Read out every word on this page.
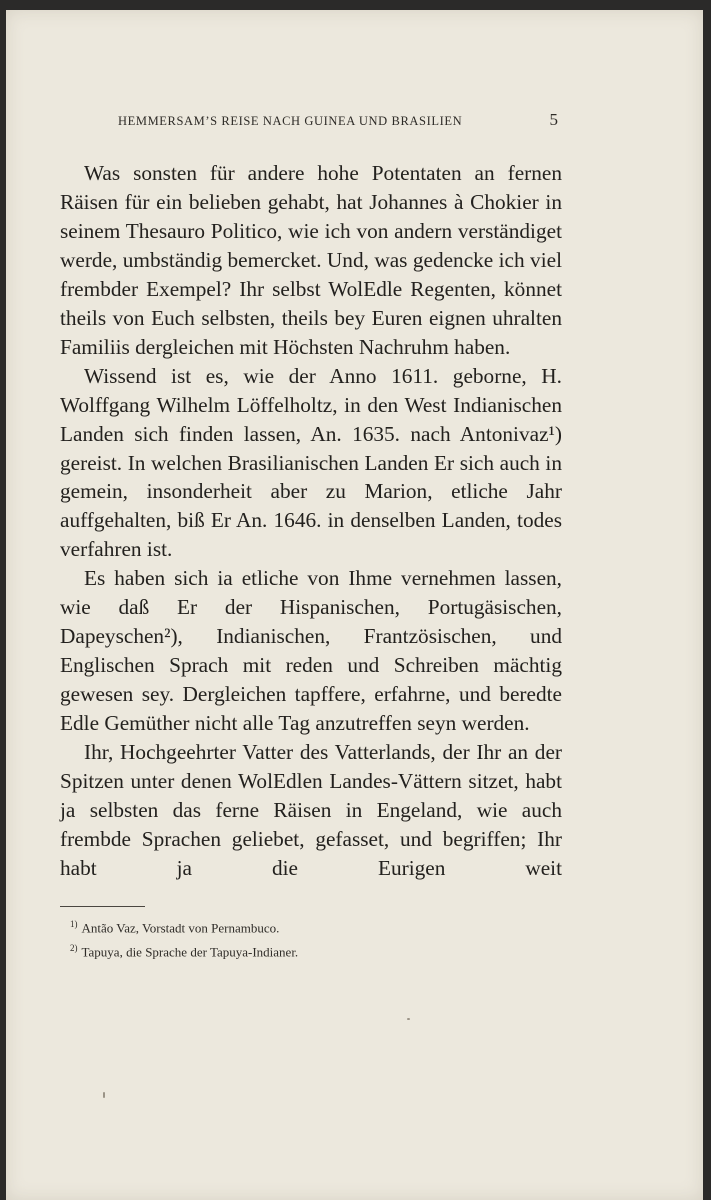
HEMMERSAM’S REISE NACH GUINEA UND BRASILIEN	5

Was sonsten für andere hohe Potentaten an fernen Räisen für ein belieben gehabt, hat Johannes à Chokier in seinem Thesauro Politico, wie ich von andern verständiget werde, umbständig bemercket. Und, was gedencke ich viel frembder Exempel? Ihr selbst WolEdle Regenten, könnet theils von Euch selbsten, theils bey Euren eignen uhralten Familiis dergleichen mit Höchsten Nachruhm haben.

Wissend ist es, wie der Anno 1611. geborne, H. Wolffgang Wilhelm Löffelholtz, in den West Indianischen Landen sich finden lassen, An. 1635. nach Antonivaz¹) gereist. In welchen Brasilianischen Landen Er sich auch in gemein, insonderheit aber zu Marion, etliche Jahr auffgehalten, biß Er An. 1646. in denselben Landen, todes verfahren ist.

Es haben sich ia etliche von Ihme vernehmen lassen, wie daß Er der Hispanischen, Portugäsischen, Dapeyschen²), Indianischen, Frantzösischen, und Englischen Sprach mit reden und Schreiben mächtig gewesen sey. Dergleichen tapffere, erfahrne, und beredte Edle Gemüther nicht alle Tag anzutreffen seyn werden.

Ihr, Hochgeehrter Vatter des Vatterlands, der Ihr an der Spitzen unter denen WolEdlen Landes-Vättern sitzet, habt ja selbsten das ferne Räisen in Engeland, wie auch frembde Sprachen geliebet, gefasset, und begriffen; Ihr habt ja die Eurigen weit

$^{1)}$ Antão Vaz, Vorstadt von Pernambuco.
$^{2)}$ Tapuya, die Sprache der Tapuya-Indianer.
